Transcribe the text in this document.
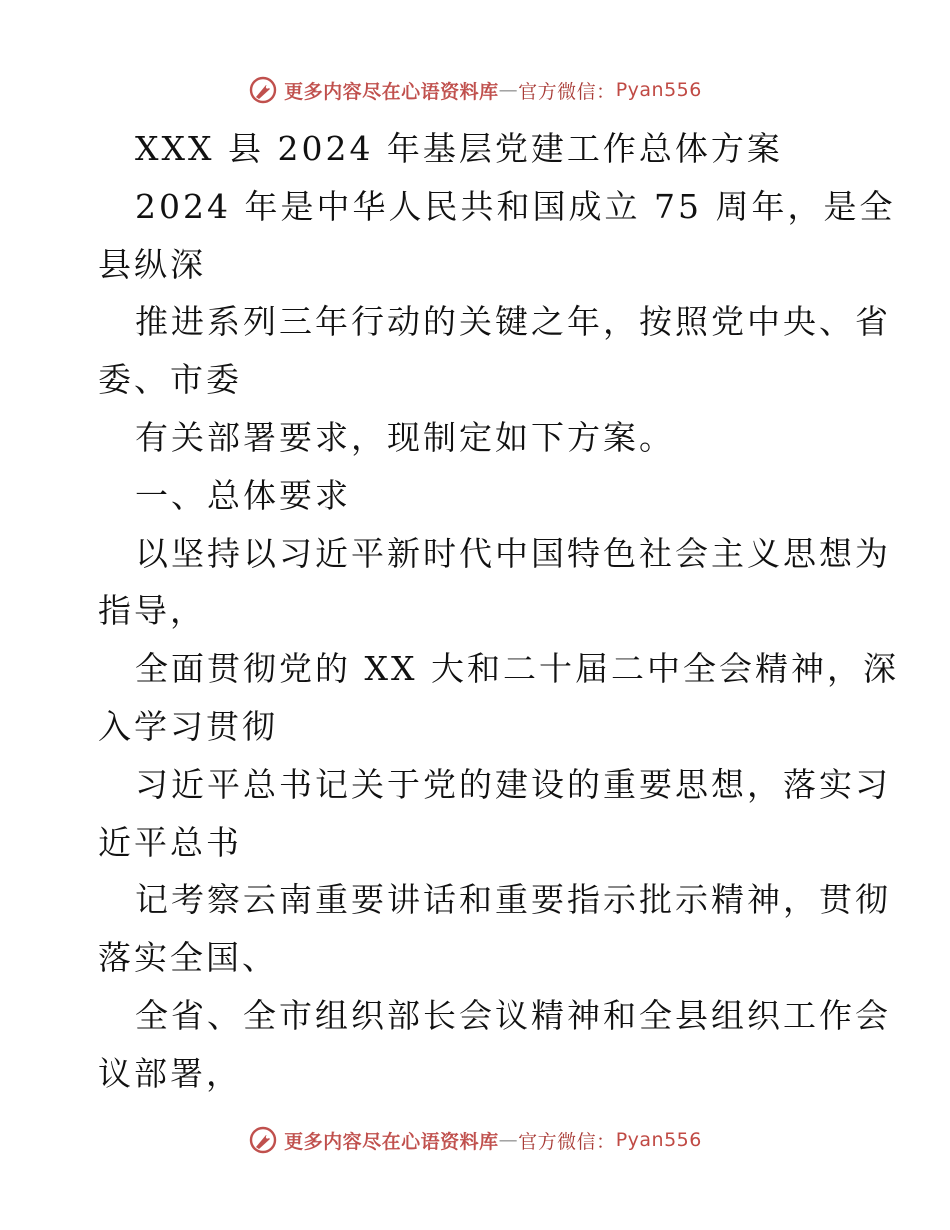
更多内容尽在心语资料库 — 官方微信： Pyan556
XXX 县 2024 年基层党建工作总体方案
2024 年是中华人民共和国成立 75 周年，是全
县纵深
推进系列三年行动的关键之年，按照党中央、省
委、市委
有关部署要求，现制定如下方案。
一、总体要求
以坚持以习近平新时代中国特色社会主义思想为
指导，
全面贯彻党的 XX 大和二十届二中全会精神，深
入学习贯彻
习近平总书记关于党的建设的重要思想，落实习
近平总书
记考察云南重要讲话和重要指示批示精神，贯彻
落实全国、
全省、全市组织部长会议精神和全县组织工作会
议部署，
更多内容尽在心语资料库 — 官方微信： Pyan556
